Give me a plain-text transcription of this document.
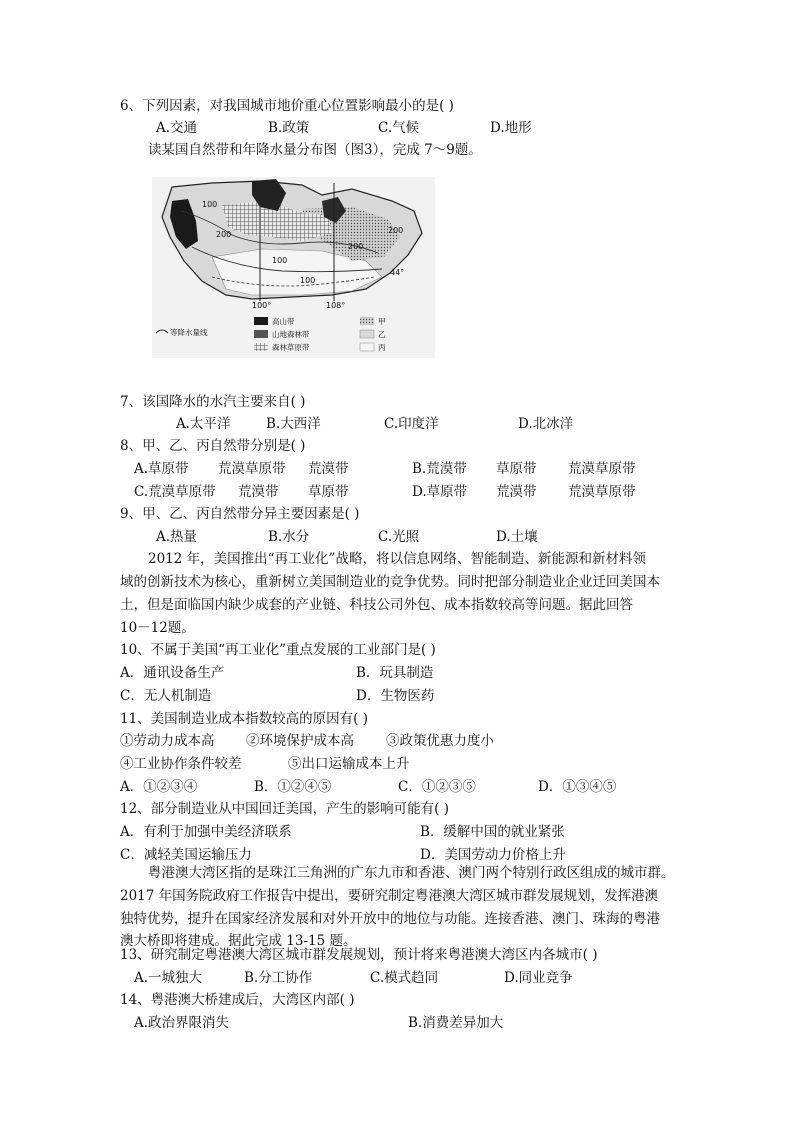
6、下列因素，对我国城市地价重心位置影响最小的是( )
A.交通	B.政策	C.气候	D.地形
读某国自然带和年降水量分布图（图3），完成 7～9题。
100
200
100
200
100
200
44°
100°	108°
等降水量线
高山带
山地森林带
森林草原带
甲
乙
丙
7、该国降水的水汽主要来自( )
A.太平洋	B.大西洋	C.印度洋	D.北冰洋
8、甲、乙、丙自然带分别是( )
A.草原带 荒漠草原带 荒漠带	B.荒漠带 草原带 荒漠草原带
C.荒漠草原带 荒漠带 草原带	D.草原带 荒漠带 荒漠草原带
9、甲、乙、丙自然带分异主要因素是( )
A.热量	B.水分	C.光照	D.土壤
2012 年，美国推出“再工业化”战略，将以信息网络、智能制造、新能源和新材料领
域的创新技术为核心，重新树立美国制造业的竞争优势。同时把部分制造业企业迁回美国本
土，但是面临国内缺少成套的产业链、科技公司外包、成本指数较高等问题。据此回答
10－12题。
10、不属于美国“再工业化”重点发展的工业部门是( )
A．通讯设备生产	B．玩具制造
C．无人机制造	D．生物医药
11、美国制造业成本指数较高的原因有( )
①劳动力成本高 ②环境保护成本高 ③政策优惠力度小
④工业协作条件较差	⑤出口运输成本上升
A．①②③④	B．①②④⑤	C．①②③⑤	D．①③④⑤
12、部分制造业从中国回迁美国，产生的影响可能有( )
A．有利于加强中美经济联系	B．缓解中国的就业紧张
C．减轻美国运输压力	D．美国劳动力价格上升
粤港澳大湾区指的是珠江三角洲的广东九市和香港、澳门两个特别行政区组成的城市群。
2017 年国务院政府工作报告中提出，要研究制定粤港澳大湾区城市群发展规划，发挥港澳
独特优势，提升在国家经济发展和对外开放中的地位与功能。连接香港、澳门、珠海的粤港
澳大桥即将建成。据此完成 13-15 题。
13、研究制定粤港澳大湾区城市群发展规划，预计将来粤港澳大湾区内各城市( )
A.一城独大	B.分工协作	C.模式趋同	D.同业竞争
14、粤港澳大桥建成后，大湾区内部( )
A.政治界限消失	B.消费差异加大
